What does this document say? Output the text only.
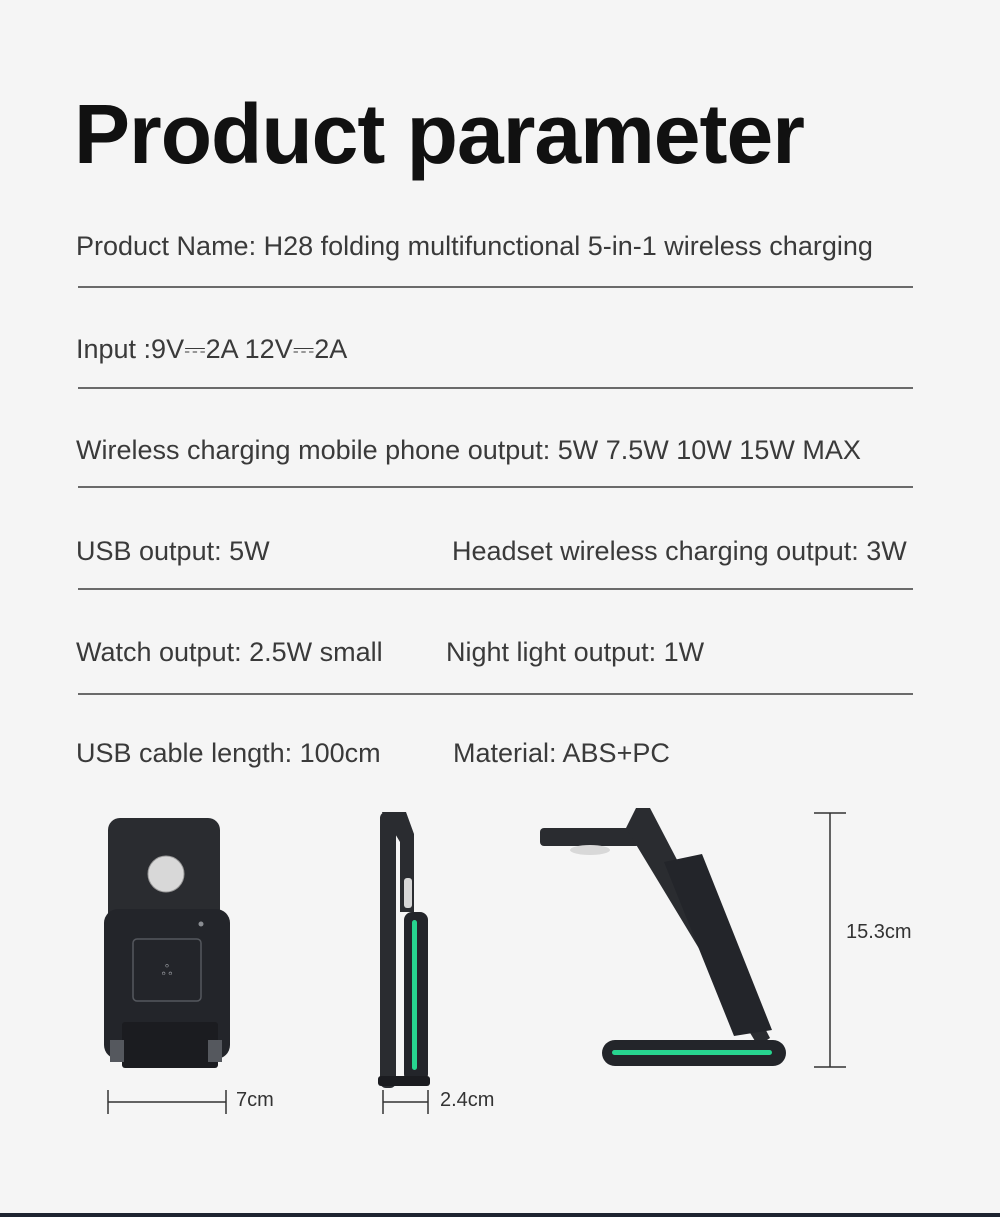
Product parameter
Product Name: H28 folding multifunctional 5-in-1 wireless charging
Input :9V⎓2A 12V⎓2A
Wireless charging mobile phone output: 5W 7.5W 10W 15W MAX
USB output: 5W	Headset wireless charging output: 3W
Watch output: 2.5W small Night light output: 1W
USB cable length: 100cm	Material: ABS+PC
ஃ
7cm	2.4cm
15.3cm
